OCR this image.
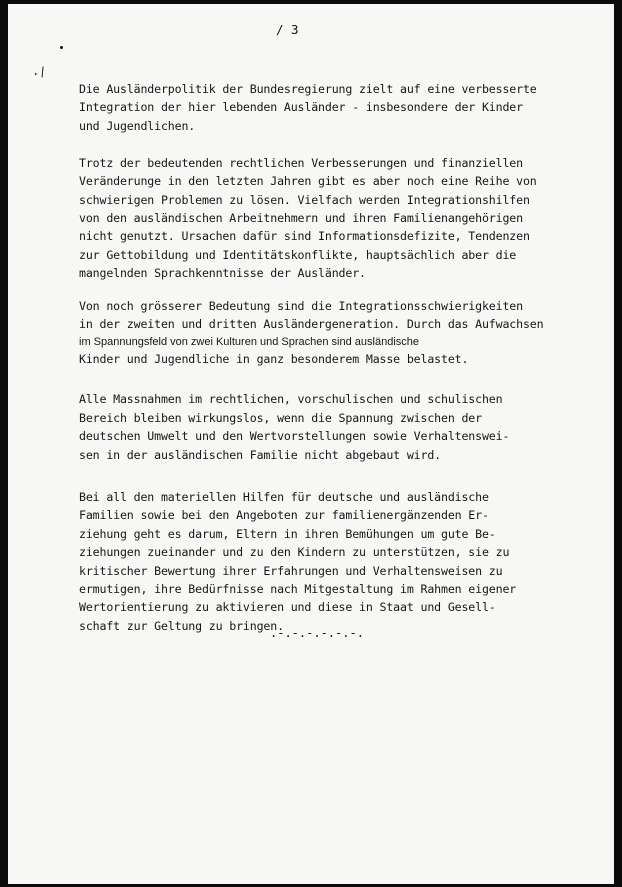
/ 3
·/
Die Ausländerpolitik der Bundesregierung zielt auf eine verbesserte
Integration der hier lebenden Ausländer - insbesondere der Kinder
und Jugendlichen.
Trotz der bedeutenden rechtlichen Verbesserungen und finanziellen
Veränderunge in den letzten Jahren gibt es aber noch eine Reihe von
schwierigen Problemen zu lösen. Vielfach werden Integrationshilfen
von den ausländischen Arbeitnehmern und ihren Familienangehörigen
nicht genutzt. Ursachen dafür sind Informationsdefizite, Tendenzen
zur Gettobildung und Identitätskonflikte, hauptsächlich aber die
mangelnden Sprachkenntnisse der Ausländer.
Von noch grösserer Bedeutung sind die Integrationsschwierigkeiten
in der zweiten und dritten Ausländergeneration. Durch das Aufwachsen
im Spannungsfeld von zwei Kulturen und Sprachen sind ausländische
Kinder und Jugendliche in ganz besonderem Masse belastet.
Alle Massnahmen im rechtlichen, vorschulischen und schulischen
Bereich bleiben wirkungslos, wenn die Spannung zwischen der
deutschen Umwelt und den Wertvorstellungen sowie Verhaltenswei-
sen in der ausländischen Familie nicht abgebaut wird.
Bei all den materiellen Hilfen für deutsche und ausländische
Familien sowie bei den Angeboten zur familienergänzenden Er-
ziehung geht es darum, Eltern in ihren Bemühungen um gute Be-
ziehungen zueinander und zu den Kindern zu unterstützen, sie zu
kritischer Bewertung ihrer Erfahrungen und Verhaltensweisen zu
ermutigen, ihre Bedürfnisse nach Mitgestaltung im Rahmen eigener
Wertorientierung zu aktivieren und diese in Staat und Gesell-
schaft zur Geltung zu bringen.
.-.-.-.-.-.-.
